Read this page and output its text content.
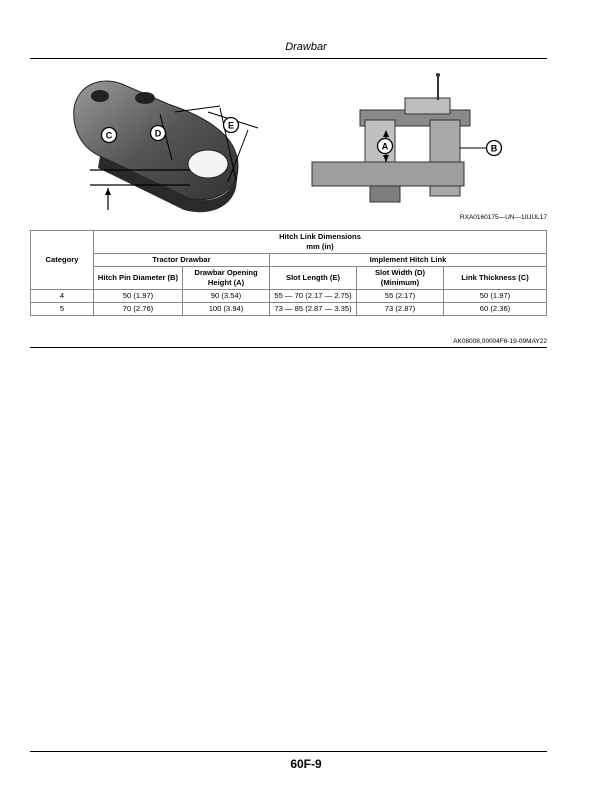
Drawbar
C	D
E
A	B
RXA0160175—UN—10JUL17
Category	Hitch Link Dimensions
mm (in)				

	Tractor Drawbar		Implement Hitch Link		
	Hitch Pin Diameter (B)	Drawbar Opening Height (A)	Slot Length (E)	Slot Width (D) (Minimum)	Link Thickness (C)
4	50 (1.97)	90 (3.54)	55 — 70 (2.17 — 2.75)	55 (2.17)	50 (1.97)
5	70 (2.76)	100 (3.94)	73 — 85 (2.87 — 3.35)	73 (2.87)	60 (2.36)
AK08008,00004F6-19-09MAY22
60F-9
